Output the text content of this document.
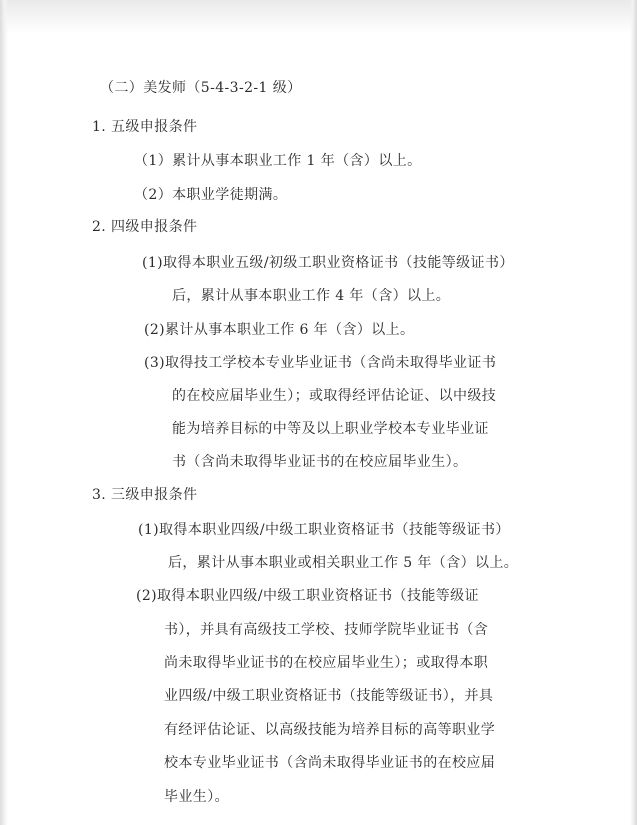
（二）美发师（5-4-3-2-1 级）
1. 五级申报条件
（1）累计从事本职业工作 1 年（含）以上。
（2）本职业学徒期满。
2. 四级申报条件
(1)取得本职业五级/初级工职业资格证书（技能等级证书）
后，累计从事本职业工作 4 年（含）以上。
(2)累计从事本职业工作 6 年（含）以上。
(3)取得技工学校本专业毕业证书（含尚未取得毕业证书
的在校应届毕业生）；或取得经评估论证、以中级技
能为培养目标的中等及以上职业学校本专业毕业证
书（含尚未取得毕业证书的在校应届毕业生）。
3. 三级申报条件
(1)取得本职业四级/中级工职业资格证书（技能等级证书）
后，累计从事本职业或相关职业工作 5 年（含）以上。
(2)取得本职业四级/中级工职业资格证书（技能等级证
书），并具有高级技工学校、技师学院毕业证书（含
尚未取得毕业证书的在校应届毕业生）；或取得本职
业四级/中级工职业资格证书（技能等级证书），并具
有经评估论证、以高级技能为培养目标的高等职业学
校本专业毕业证书（含尚未取得毕业证书的在校应届
毕业生）。
